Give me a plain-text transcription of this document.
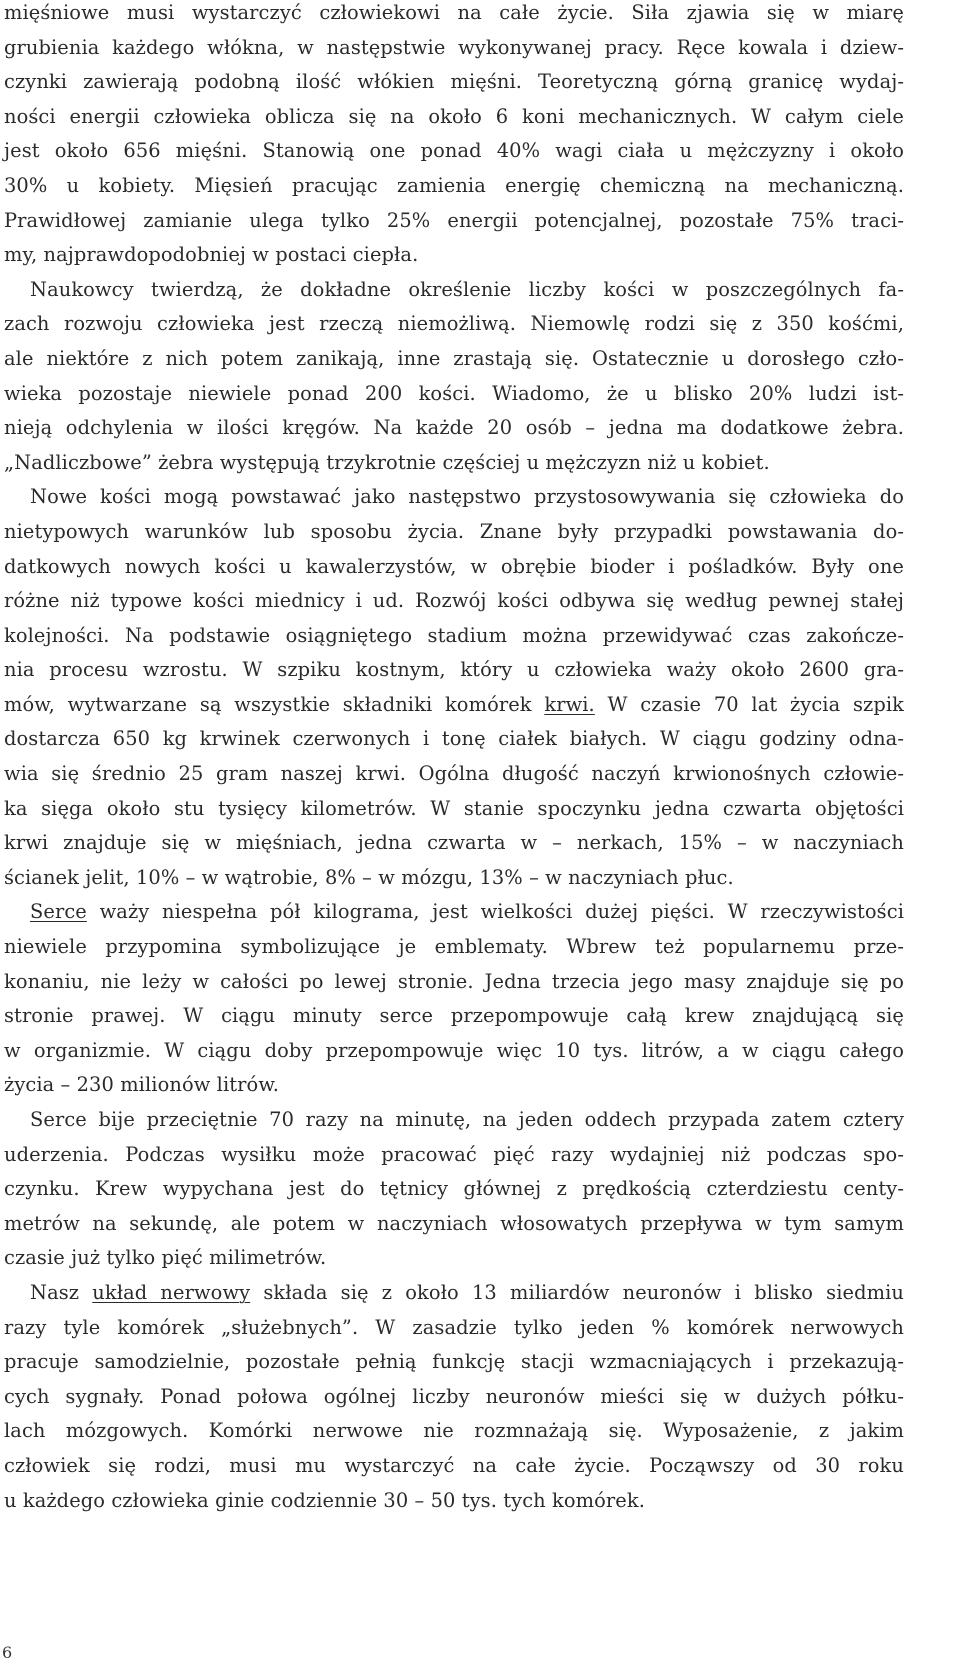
mięśniowe musi wystarczyć człowiekowi na całe życie. Siła zjawia się w miarę
grubienia każdego włókna, w następstwie wykonywanej pracy. Ręce kowala i dziew-
czynki zawierają podobną ilość włókien mięśni. Teoretyczną górną granicę wydaj-
ności energii człowieka oblicza się na około 6 koni mechanicznych. W całym ciele
jest około 656 mięśni. Stanowią one ponad 40% wagi ciała u mężczyzny i około
30% u kobiety. Mięsień pracując zamienia energię chemiczną na mechaniczną.
Prawidłowej zamianie ulega tylko 25% energii potencjalnej, pozostałe 75% traci-
my, najprawdopodobniej w postaci ciepła.
Naukowcy twierdzą, że dokładne określenie liczby kości w poszczególnych fa-
zach rozwoju człowieka jest rzeczą niemożliwą. Niemowlę rodzi się z 350 kośćmi,
ale niektóre z nich potem zanikają, inne zrastają się. Ostatecznie u dorosłego czło-
wieka pozostaje niewiele ponad 200 kości. Wiadomo, że u blisko 20% ludzi ist-
nieją odchylenia w ilości kręgów. Na każde 20 osób – jedna ma dodatkowe żebra.
„Nadliczbowe” żebra występują trzykrotnie częściej u mężczyzn niż u kobiet.
Nowe kości mogą powstawać jako następstwo przystosowywania się człowieka do
nietypowych warunków lub sposobu życia. Znane były przypadki powstawania do-
datkowych nowych kości u kawalerzystów, w obrębie bioder i pośladków. Były one
różne niż typowe kości miednicy i ud. Rozwój kości odbywa się według pewnej stałej
kolejności. Na podstawie osiągniętego stadium można przewidywać czas zakończe-
nia procesu wzrostu. W szpiku kostnym, który u człowieka waży około 2600 gra-
mów, wytwarzane są wszystkie składniki komórek krwi. W czasie 70 lat życia szpik
dostarcza 650 kg krwinek czerwonych i tonę ciałek białych. W ciągu godziny odna-
wia się średnio 25 gram naszej krwi. Ogólna długość naczyń krwionośnych człowie-
ka sięga około stu tysięcy kilometrów. W stanie spoczynku jedna czwarta objętości
krwi znajduje się w mięśniach, jedna czwarta w – nerkach, 15% – w naczyniach
ścianek jelit, 10% – w wątrobie, 8% – w mózgu, 13% – w naczyniach płuc.
Serce waży niespełna pół kilograma, jest wielkości dużej pięści. W rzeczywistości
niewiele przypomina symbolizujące je emblematy. Wbrew też popularnemu prze-
konaniu, nie leży w całości po lewej stronie. Jedna trzecia jego masy znajduje się po
stronie prawej. W ciągu minuty serce przepompowuje całą krew znajdującą się
w organizmie. W ciągu doby przepompowuje więc 10 tys. litrów, a w ciągu całego
życia – 230 milionów litrów.
Serce bije przeciętnie 70 razy na minutę, na jeden oddech przypada zatem cztery
uderzenia. Podczas wysiłku może pracować pięć razy wydajniej niż podczas spo-
czynku. Krew wypychana jest do tętnicy głównej z prędkością czterdziestu centy-
metrów na sekundę, ale potem w naczyniach włosowatych przepływa w tym samym
czasie już tylko pięć milimetrów.
Nasz układ nerwowy składa się z około 13 miliardów neuronów i blisko siedmiu
razy tyle komórek „służebnych”. W zasadzie tylko jeden % komórek nerwowych
pracuje samodzielnie, pozostałe pełnią funkcję stacji wzmacniających i przekazują-
cych sygnały. Ponad połowa ogólnej liczby neuronów mieści się w dużych półku-
lach mózgowych. Komórki nerwowe nie rozmnażają się. Wyposażenie, z jakim
człowiek się rodzi, musi mu wystarczyć na całe życie. Począwszy od 30 roku
u każdego człowieka ginie codziennie 30 – 50 tys. tych komórek.
6
